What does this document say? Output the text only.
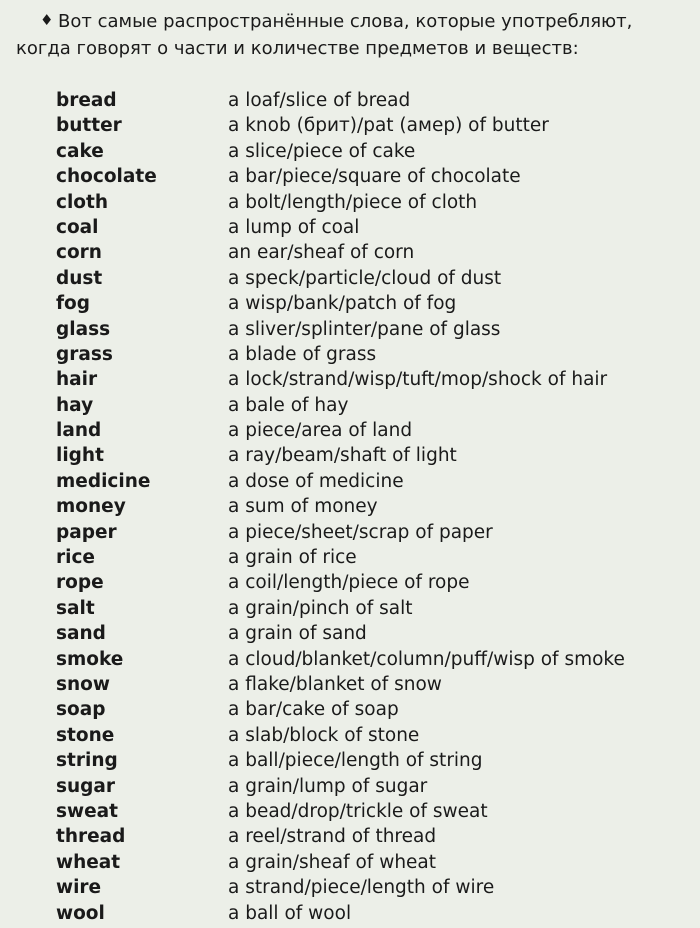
♦ Вот самые распространённые слова, которые употребляют, когда говорят о части и количестве предметов и веществ:

bread	a loaf/slice of bread
butter	a knob (брит)/pat (амер) of butter
cake	a slice/piece of cake
chocolate	a bar/piece/square of chocolate
cloth	a bolt/length/piece of cloth
coal	a lump of coal
corn	an ear/sheaf of corn
dust	a speck/particle/cloud of dust
fog	a wisp/bank/patch of fog
glass	a sliver/splinter/pane of glass
grass	a blade of grass
hair	a lock/strand/wisp/tuft/mop/shock of hair
hay	a bale of hay
land	a piece/area of land
light	a ray/beam/shaft of light
medicine	a dose of medicine
money	a sum of money
paper	a piece/sheet/scrap of paper
rice	a grain of rice
rope	a coil/length/piece of rope
salt	a grain/pinch of salt
sand	a grain of sand
smoke	a cloud/blanket/column/puff/wisp of smoke
snow	a flake/blanket of snow
soap	a bar/cake of soap
stone	a slab/block of stone
string	a ball/piece/length of string
sugar	a grain/lump of sugar
sweat	a bead/drop/trickle of sweat
thread	a reel/strand of thread
wheat	a grain/sheaf of wheat
wire	a strand/piece/length of wire
wool	a ball of wool
